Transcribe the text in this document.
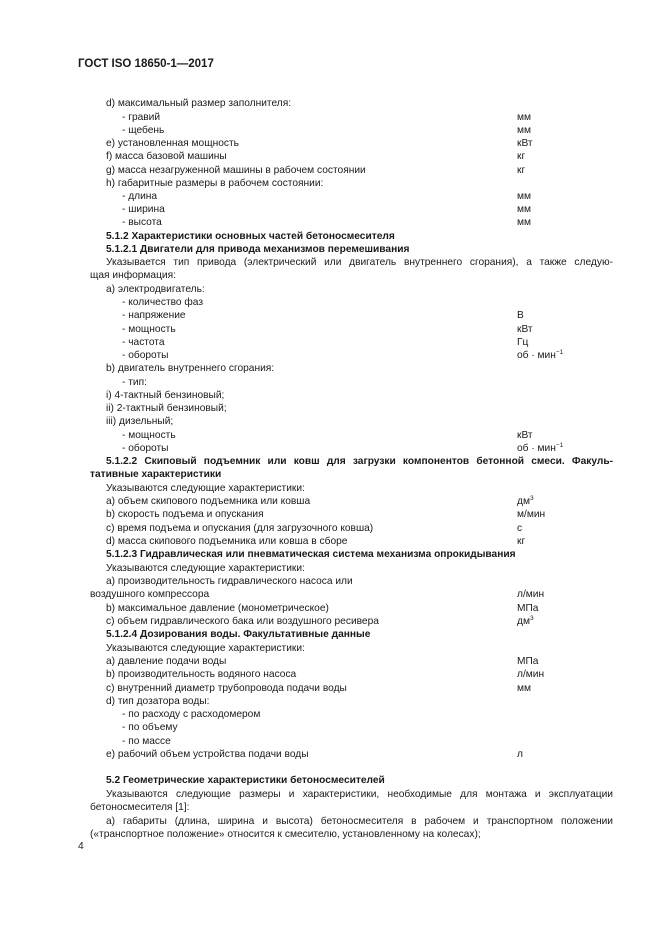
ГОСТ ISO 18650-1—2017
d) максимальный размер заполнителя:
- гравий	мм
- щебень	мм
e) установленная мощность	кВт
f) масса базовой машины	кг
g) масса незагруженной машины в рабочем состоянии	кг
h) габаритные размеры в рабочем состоянии:
- длина	мм
- ширина	мм
- высота	мм
5.1.2 Характеристики основных частей бетоносмесителя
5.1.2.1 Двигатели для привода механизмов перемешивания
Указывается тип привода (электрический или двигатель внутреннего сгорания), а также следую-
щая информация:
a) электродвигатель:
- количество фаз
- напряжение	В
- мощность	кВт
- частота	Гц
- обороты	об · мин$^{-1}$
b) двигатель внутреннего сгорания:
- тип:
i) 4-тактный бензиновый;
ii) 2-тактный бензиновый;
iii) дизельный;
- мощность	кВт
- обороты	об · мин$^{-1}$
5.1.2.2 Скиповый подъемник или ковш для загрузки компонентов бетонной смеси. Факуль-
тативные характеристики
Указываются следующие характеристики:
a) объем скипового подъемника или ковша	$дм^3$
b) скорость подъема и опускания	м/мин
c) время подъема и опускания (для загрузочного ковша)	с
d) масса скипового подъемника или ковша в сборе	кг
5.1.2.3 Гидравлическая или пневматическая система механизма опрокидывания
Указываются следующие характеристики:
a) производительность гидравлического насоса или
воздушного компрессора	л/мин
b) максимальное давление (монометрическое)	МПа
c) объем гидравлического бака или воздушного ресивера	$дм^3$
5.1.2.4 Дозирования воды. Факультативные данные
Указываются следующие характеристики:
a) давление подачи воды	МПа
b) производительность водяного насоса	л/мин
c) внутренний диаметр трубопровода подачи воды	мм
d) тип дозатора воды:
- по расходу с расходомером
- по объему
- по массе
e) рабочий объем устройства подачи воды	л
5.2 Геометрические характеристики бетоносмесителей
Указываются следующие размеры и характеристики, необходимые для монтажа и эксплуатации
бетоносмесителя [1]:
a) габариты (длина, ширина и высота) бетоносмесителя в рабочем и транспортном положении
(«транспортное положение» относится к смесителю, установленному на колесах);
4
